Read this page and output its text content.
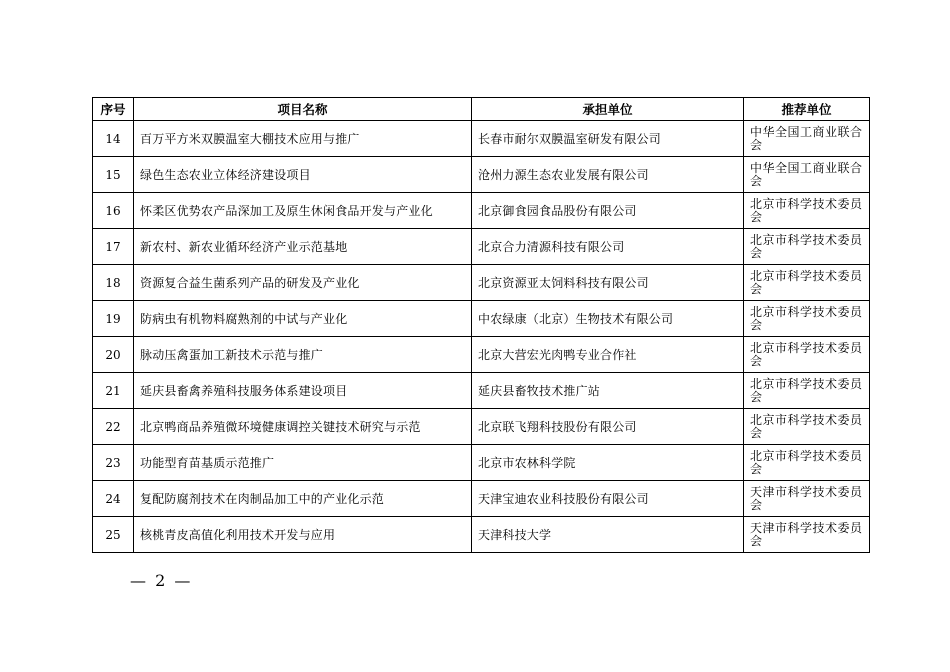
序号	项目名称	承担单位	推荐单位
14	百万平方米双膜温室大棚技术应用与推广	长春市耐尔双膜温室研发有限公司	中华全国工商业联合会
15	绿色生态农业立体经济建设项目	沧州力源生态农业发展有限公司	中华全国工商业联合会
16	怀柔区优势农产品深加工及原生休闲食品开发与产业化	北京御食园食品股份有限公司	北京市科学技术委员会
17	新农村、新农业循环经济产业示范基地	北京合力清源科技有限公司	北京市科学技术委员会
18	资源复合益生菌系列产品的研发及产业化	北京资源亚太饲料科技有限公司	北京市科学技术委员会
19	防病虫有机物料腐熟剂的中试与产业化	中农绿康（北京）生物技术有限公司	北京市科学技术委员会
20	脉动压禽蛋加工新技术示范与推广	北京大营宏光肉鸭专业合作社	北京市科学技术委员会
21	延庆县畜禽养殖科技服务体系建设项目	延庆县畜牧技术推广站	北京市科学技术委员会
22	北京鸭商品养殖微环境健康调控关键技术研究与示范	北京联飞翔科技股份有限公司	北京市科学技术委员会
23	功能型育苗基质示范推广	北京市农林科学院	北京市科学技术委员会
24	复配防腐剂技术在肉制品加工中的产业化示范	天津宝迪农业科技股份有限公司	天津市科学技术委员会
25	核桃青皮高值化利用技术开发与应用	天津科技大学	天津市科学技术委员会
— 2 —
